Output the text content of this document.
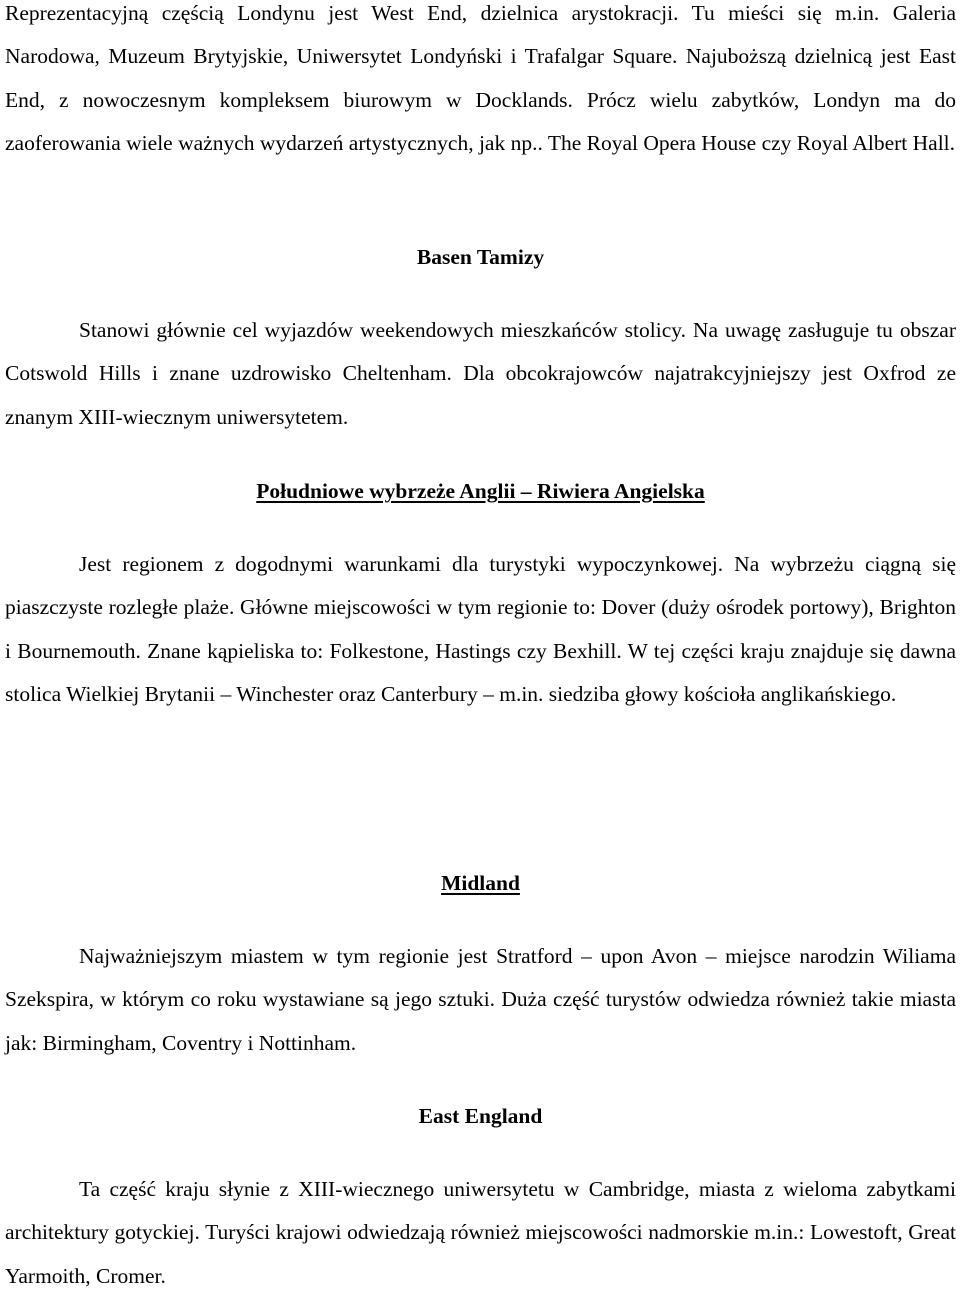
Reprezentacyjną częścią Londynu jest West End, dzielnica arystokracji. Tu mieści się m.in. Galeria Narodowa, Muzeum Brytyjskie, Uniwersytet Londyński i Trafalgar Square. Najuboższą dzielnicą jest East End, z nowoczesnym kompleksem biurowym w Docklands. Prócz wielu zabytków, Londyn ma do zaoferowania wiele ważnych wydarzeń artystycznych, jak np.. The Royal Opera House czy Royal Albert Hall.

Basen Tamizy

Stanowi głównie cel wyjazdów weekendowych mieszkańców stolicy. Na uwagę zasługuje tu obszar Cotswold Hills i znane uzdrowisko Cheltenham. Dla obcokrajowców najatrakcyjniejszy jest Oxfrod ze znanym XIII-wiecznym uniwersytetem.

Południowe wybrzeże Anglii – Riwiera Angielska

Jest regionem z dogodnymi warunkami dla turystyki wypoczynkowej. Na wybrzeżu ciągną się piaszczyste rozległe plaże. Główne miejscowości w tym regionie to: Dover (duży ośrodek portowy), Brighton i Bournemouth. Znane kąpieliska to: Folkestone, Hastings czy Bexhill. W tej części kraju znajduje się dawna stolica Wielkiej Brytanii – Winchester oraz Canterbury – m.in. siedziba głowy kościoła anglikańskiego.

Midland

Najważniejszym miastem w tym regionie jest Stratford – upon Avon – miejsce narodzin Wiliama Szekspira, w którym co roku wystawiane są jego sztuki. Duża część turystów odwiedza również takie miasta jak: Birmingham, Coventry i Nottinham.

East England

Ta część kraju słynie z XIII-wiecznego uniwersytetu w Cambridge, miasta z wieloma zabytkami architektury gotyckiej. Turyści krajowi odwiedzają również miejscowości nadmorskie m.in.: Lowestoft, Great Yarmoith, Cromer.
